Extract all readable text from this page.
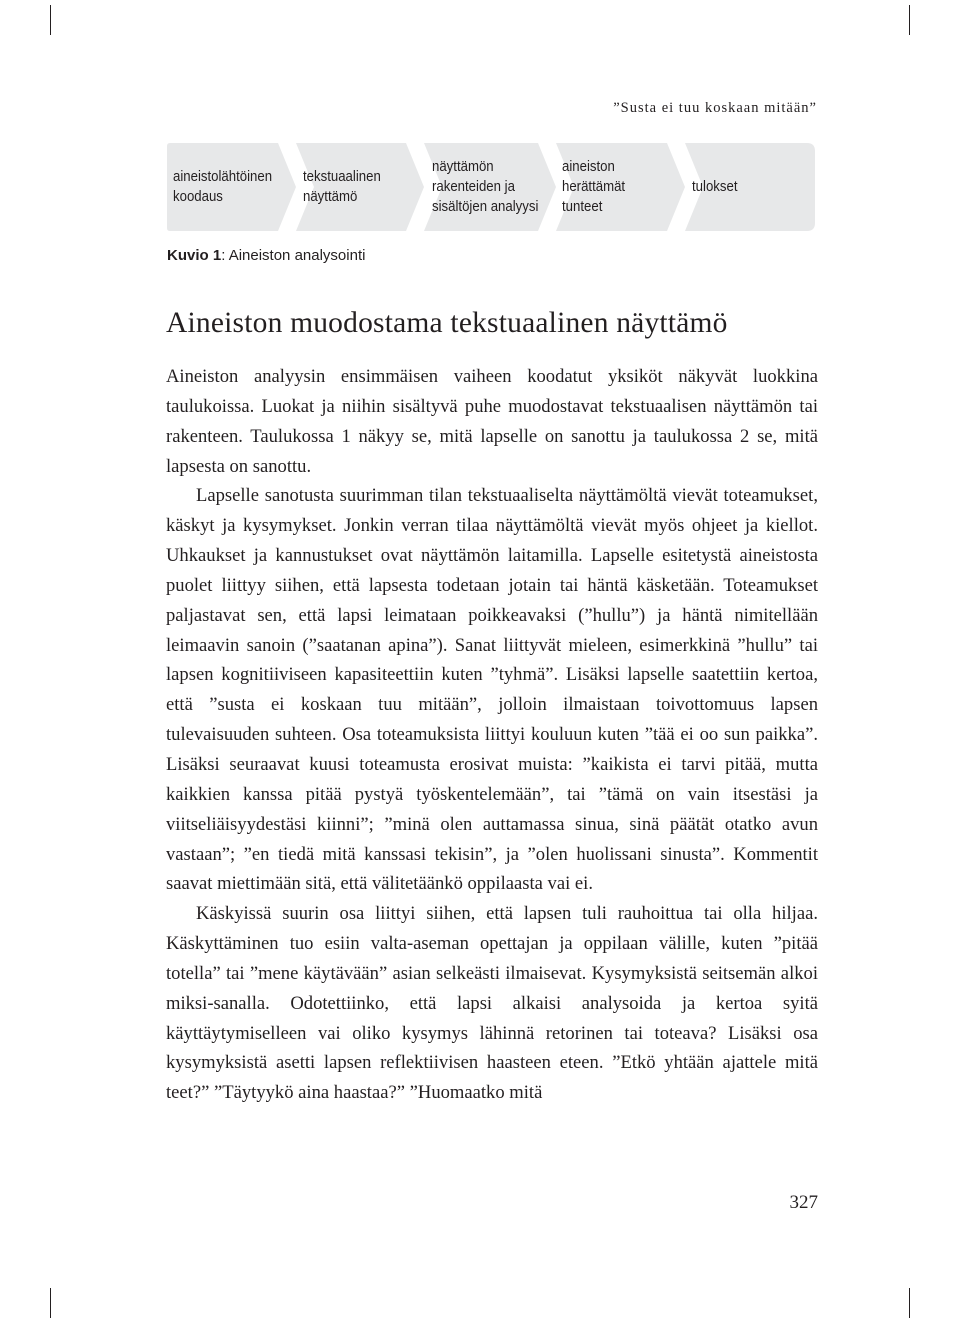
”Susta ei tuu koskaan mitään”
aineistolähtöinen
koodaus
tekstuaalinen
näyttämö
näyttämön
rakenteiden ja
sisältöjen analyysi
aineiston
herättämät
tunteet
tulokset
Kuvio 1: Aineiston analysointi
Aineiston muodostama tekstuaalinen näyttämö

Aineiston analyysin ensimmäisen vaiheen koodatut yksiköt näkyvät luokkina taulukoissa. Luokat ja niihin sisältyvä puhe muodostavat tekstuaalisen näyttämön tai rakenteen. Taulukossa 1 näkyy se, mitä lapselle on sanottu ja taulukossa 2 se, mitä lapsesta on sanottu.

Lapselle sanotusta suurimman tilan tekstuaaliselta näyttämöltä vievät toteamukset, käskyt ja kysymykset. Jonkin verran tilaa näyttämöltä vievät myös ohjeet ja kiellot. Uhkaukset ja kannustukset ovat näyttämön laitamilla. Lapselle esitetystä aineistosta puolet liittyy siihen, että lapsesta todetaan jotain tai häntä käsketään. Toteamukset paljastavat sen, että lapsi leimataan poikkeavaksi (”hullu”) ja häntä nimitellään leimaavin sanoin (”saatanan apina”). Sanat liittyvät mieleen, esimerkkinä ”hullu” tai lapsen kognitiiviseen kapasiteettiin kuten ”tyhmä”. Lisäksi lapselle saatettiin kertoa, että ”susta ei koskaan tuu mitään”, jolloin ilmaistaan toivottomuus lapsen tulevaisuuden suhteen. Osa toteamuksista liittyi kouluun kuten ”tää ei oo sun paikka”. Lisäksi seuraavat kuusi toteamusta erosivat muista: ”kaikista ei tarvi pitää, mutta kaikkien kanssa pitää pystyä työskentelemään”, tai ”tämä on vain itsestäsi ja viitseliäisyydestäsi kiinni”; ”minä olen auttamassa sinua, sinä päätät otatko avun vastaan”; ”en tiedä mitä kanssasi tekisin”, ja ”olen huolissani sinusta”. Kommentit saavat miettimään sitä, että välitetäänkö oppilaasta vai ei.

Käskyissä suurin osa liittyi siihen, että lapsen tuli rauhoittua tai olla hiljaa. Käskyttäminen tuo esiin valta-aseman opettajan ja oppilaan välille, kuten ”pitää totella” tai ”mene käytävään” asian selkeästi ilmaisevat. Kysymyksistä seitsemän alkoi miksi-sanalla. Odotettiinko, että lapsi alkaisi analysoida ja kertoa syitä käyttäytymiselleen vai oliko kysymys lähinnä retorinen tai toteava? Lisäksi osa kysymyksistä asetti lapsen reflektiivisen haasteen eteen. ”Etkö yhtään ajattele mitä teet?” ”Täytyykö aina haastaa?” ”Huomaatko mitä

327
